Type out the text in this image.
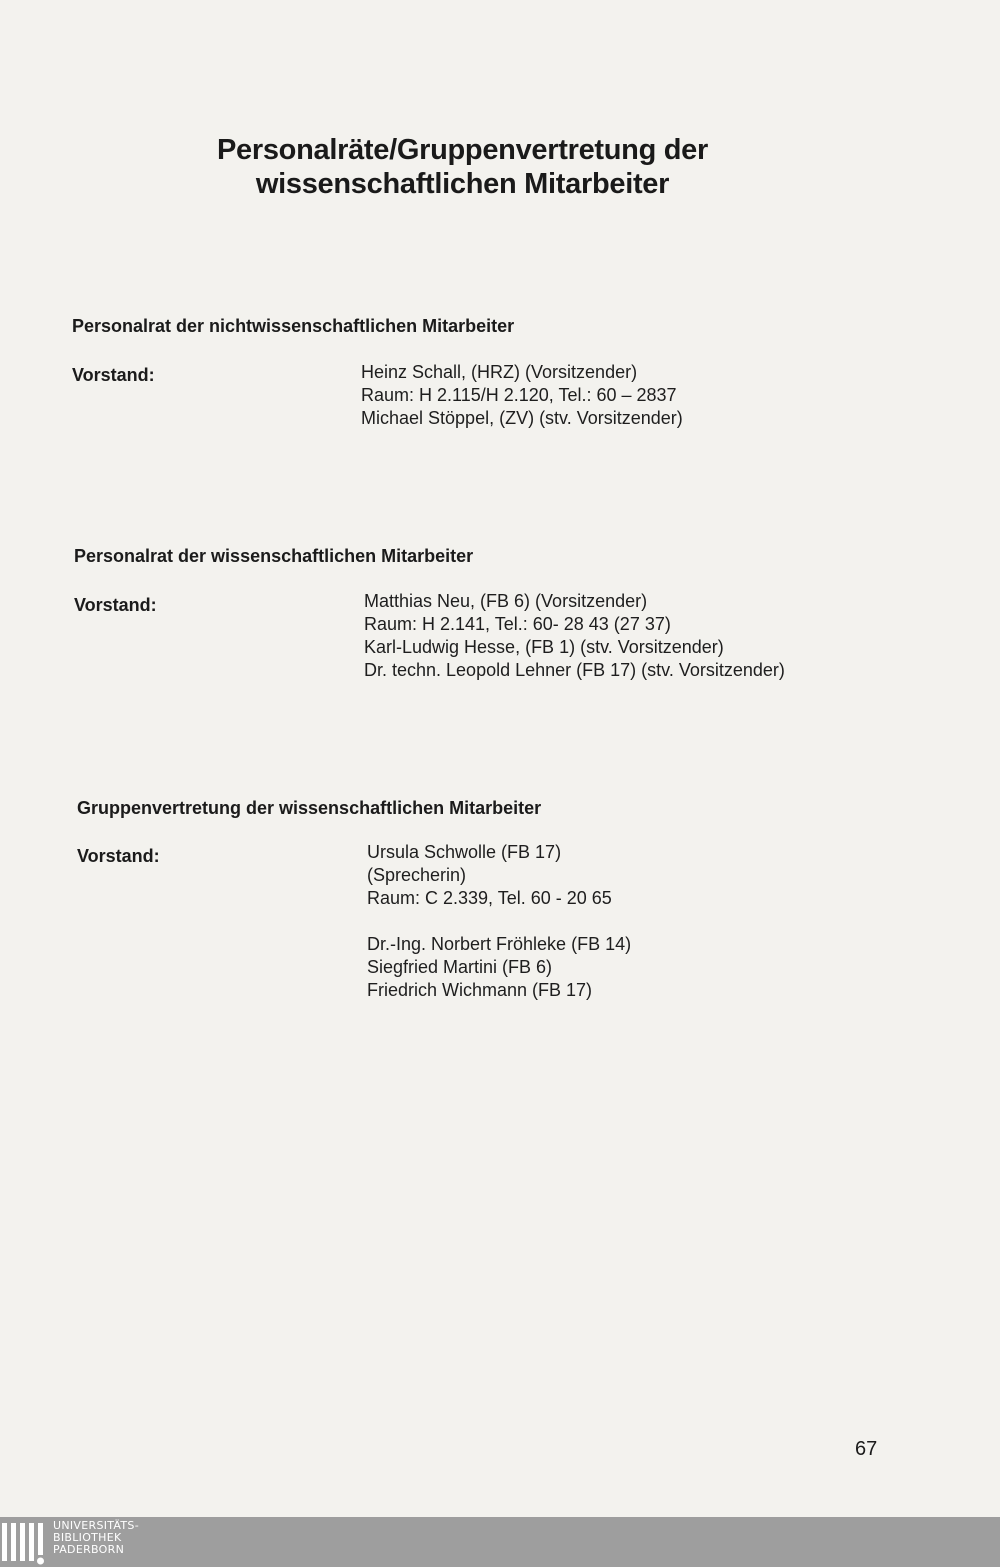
Personalräte/Gruppenvertretung der
wissenschaftlichen Mitarbeiter
Personalrat der nichtwissenschaftlichen Mitarbeiter
Vorstand:	Heinz Schall, (HRZ) (Vorsitzender)
Raum: H 2.115/H 2.120, Tel.: 60 – 2837
Michael Stöppel, (ZV) (stv. Vorsitzender)
Personalrat der wissenschaftlichen Mitarbeiter
Vorstand:	Matthias Neu, (FB 6) (Vorsitzender)
Raum: H 2.141, Tel.: 60- 28 43 (27 37)
Karl-Ludwig Hesse, (FB 1) (stv. Vorsitzender)
Dr. techn. Leopold Lehner (FB 17) (stv. Vorsitzender)
Gruppenvertretung der wissenschaftlichen Mitarbeiter
Vorstand:	Ursula Schwolle (FB 17)
(Sprecherin)
Raum: C 2.339, Tel. 60 - 20 65
Dr.-Ing. Norbert Fröhleke (FB 14)
Siegfried Martini (FB 6)
Friedrich Wichmann (FB 17)
67
UNIVERSITÄTS-
BIBLIOTHEK
PADERBORN
